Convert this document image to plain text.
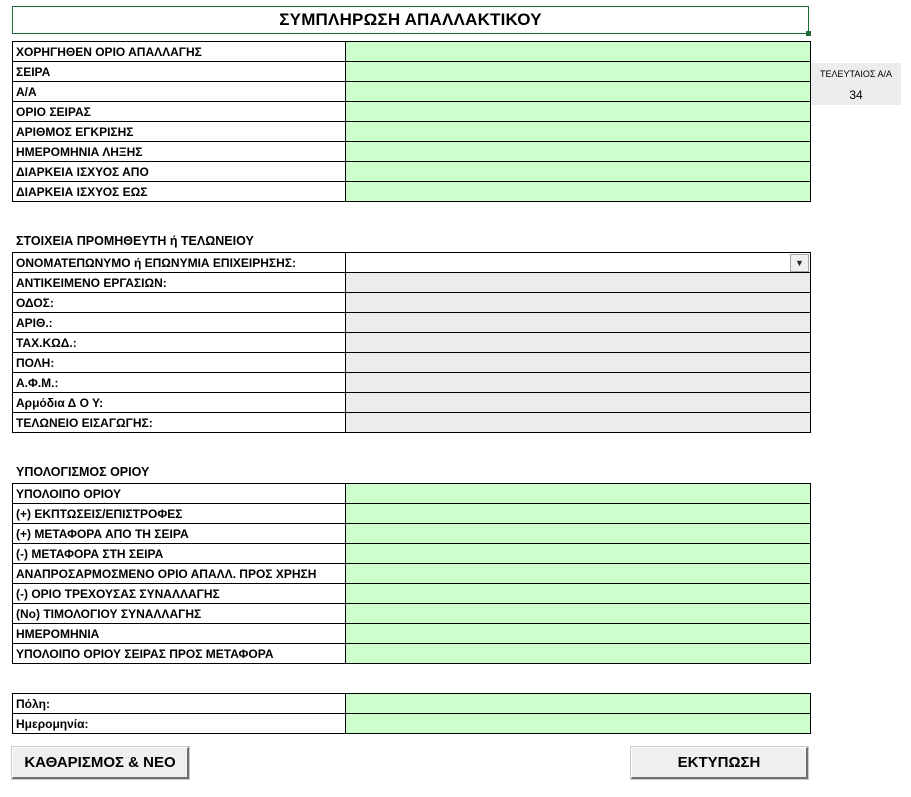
ΣΥΜΠΛΗΡΩΣΗ ΑΠΑΛΛΑΚΤΙΚΟΥ
ΤΕΛΕΥΤΑΙΟΣ Α/Α
34
ΧΟΡΗΓΗΘΕΝ ΟΡΙΟ ΑΠΑΛΛΑΓΗΣ	
ΣΕΙΡΑ	
Α/Α	
ΟΡΙΟ ΣΕΙΡΑΣ	
ΑΡΙΘΜΟΣ ΕΓΚΡΙΣΗΣ	
ΗΜΕΡΟΜΗΝΙΑ ΛΗΞΗΣ	
ΔΙΑΡΚΕΙΑ ΙΣΧΥΟΣ ΑΠΟ	
ΔΙΑΡΚΕΙΑ ΙΣΧΥΟΣ ΕΩΣ	
ΣΤΟΙΧΕΙΑ ΠΡΟΜΗΘΕΥΤΗ ή ΤΕΛΩΝΕΙΟΥ
ΟΝΟΜΑΤΕΠΩΝΥΜΟ ή ΕΠΩΝΥΜΙΑ ΕΠΙΧΕΙΡΗΣΗΣ:	▼

ΑΝΤΙΚΕΙΜΕΝΟ ΕΡΓΑΣΙΩΝ:	
ΟΔΟΣ:	
ΑΡΙΘ.:	
ΤΑΧ.ΚΩΔ.:	
ΠΟΛΗ:	
Α.Φ.Μ.:	
Αρμόδια Δ Ο Υ:	
ΤΕΛΩΝΕΙΟ ΕΙΣΑΓΩΓΗΣ:	
ΥΠΟΛΟΓΙΣΜΟΣ ΟΡΙΟΥ
ΥΠΟΛΟΙΠΟ ΟΡΙΟΥ	
(+) ΕΚΠΤΩΣΕΙΣ/ΕΠΙΣΤΡΟΦΕΣ	
(+) ΜΕΤΑΦΟΡΑ ΑΠΟ ΤΗ ΣΕΙΡΑ	
(-) ΜΕΤΑΦΟΡΑ ΣΤΗ ΣΕΙΡΑ	
ΑΝΑΠΡΟΣΑΡΜΟΣΜΕΝΟ ΟΡΙΟ ΑΠΑΛΛ. ΠΡΟΣ ΧΡΗΣΗ	
(-) ΟΡΙΟ ΤΡΕΧΟΥΣΑΣ ΣΥΝΑΛΛΑΓΗΣ	
(Νο) ΤΙΜΟΛΟΓΙΟΥ ΣΥΝΑΛΛΑΓΗΣ	
ΗΜΕΡΟΜΗΝΙΑ	
ΥΠΟΛΟΙΠΟ ΟΡΙΟΥ ΣΕΙΡΑΣ ΠΡΟΣ ΜΕΤΑΦΟΡΑ	
Πόλη:	
Ημερομηνία:	
ΚΑΘΑΡΙΣΜΟΣ & ΝΕΟ	ΕΚΤΥΠΩΣΗ
